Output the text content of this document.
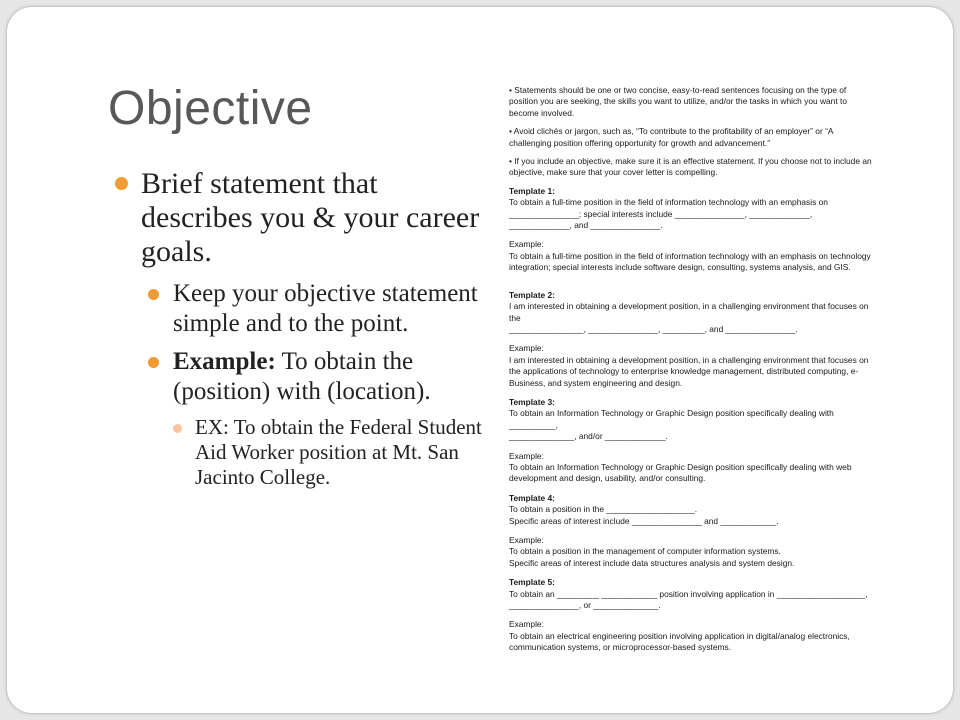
Objective
Brief statement that describes you & your career goals.
Keep your objective statement simple and to the point.
Example: To obtain the (position) with (location).
EX: To obtain the Federal Student Aid Worker position at Mt. San Jacinto College.

• Statements should be one or two concise, easy-to-read sentences focusing on the type of position you are seeking, the skills you want to utilize, and/or the tasks in which you want to become involved.

• Avoid clichés or jargon, such as, “To contribute to the profitability of an employer” or “A challenging position offering opportunity for growth and advancement.”

• If you include an objective, make sure it is an effective statement. If you choose not to include an objective, make sure that your cover letter is compelling.

Template 1:

To obtain a full-time position in the field of information technology with an emphasis on

_______________; special interests include _______________, _____________,

_____________, and _______________.

Example:

To obtain a full-time position in the field of information technology with an emphasis on technology integration; special interests include software design, consulting, systems analysis, and GIS.

Template 2:

I am interested in obtaining a development position, in a challenging environment that focuses on the

________________, _______________, _________, and _______________.

Example:

I am interested in obtaining a development position, in a challenging environment that focuses on the applications of technology to enterprise knowledge management, distributed computing, e-Business, and system engineering and design.

Template 3:

To obtain an Information Technology or Graphic Design position specifically dealing with __________,

______________, and/or _____________.

Example:

To obtain an Information Technology or Graphic Design position specifically dealing with web development and design, usability, and/or consulting.

Template 4:

To obtain a position in the ___________________.

Specific areas of interest include _______________ and ____________.

Example:

To obtain a position in the management of computer information systems.

Specific areas of interest include data structures analysis and system design.

Template 5:

To obtain an _________ ____________ position involving application in ___________________,

_______________, or ______________.

Example:

To obtain an electrical engineering position involving application in digital/analog electronics, communication systems, or microprocessor-based systems.
